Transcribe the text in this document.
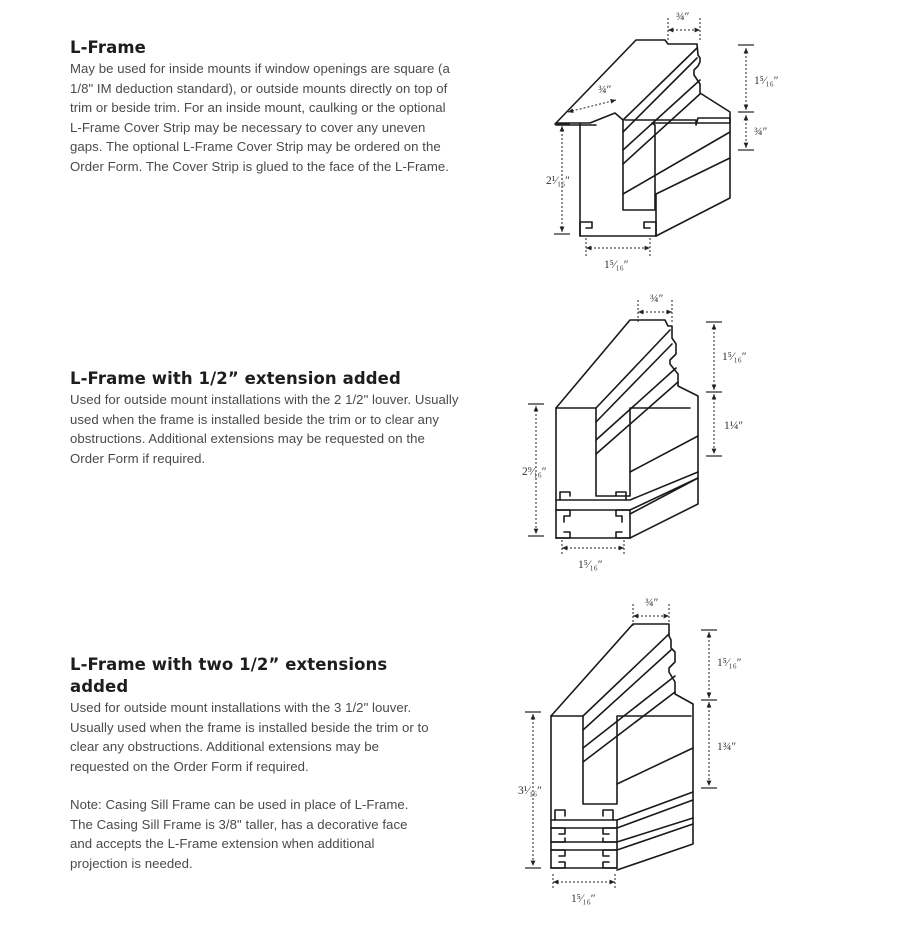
L-Frame

May be used for inside mounts if window openings are square (a 1/8" IM deduction standard), or outside mounts directly on top of trim or beside trim. For an inside mount, caulking or the optional L-Frame Cover Strip may be necessary to cover any uneven gaps. The optional L-Frame Cover Strip may be ordered on the Order Form. The Cover Strip is glued to the face of the L-Frame.

L-Frame with 1/2” extension added

Used for outside mount installations with the 2 1/2" louver. Usually used when the frame is installed beside the trim or to clear any obstructions. Additional extensions may be requested on the Order Form if required.

L-Frame with two 1/2” extensions added

Used for outside mount installations with the 3 1/2" louver. Usually used when the frame is installed beside the trim or to clear any obstructions. Additional extensions may be requested on the Order Form if required.

Note: Casing Sill Frame can be used in place of L-Frame. The Casing Sill Frame is 3/8" taller, has a decorative face and accepts the L-Frame extension when additional projection is needed.

¾″
¾″
1⁵⁄₁₆″
¾″
2¹⁄₁₆″
1⁵⁄₁₆″
¾″
1⁵⁄₁₆″
1¼″
2⁹⁄₁₆″
1⁵⁄₁₆″
¾″
1⁵⁄₁₆″
1¾″
3¹⁄₁₆″
1⁵⁄₁₆″
